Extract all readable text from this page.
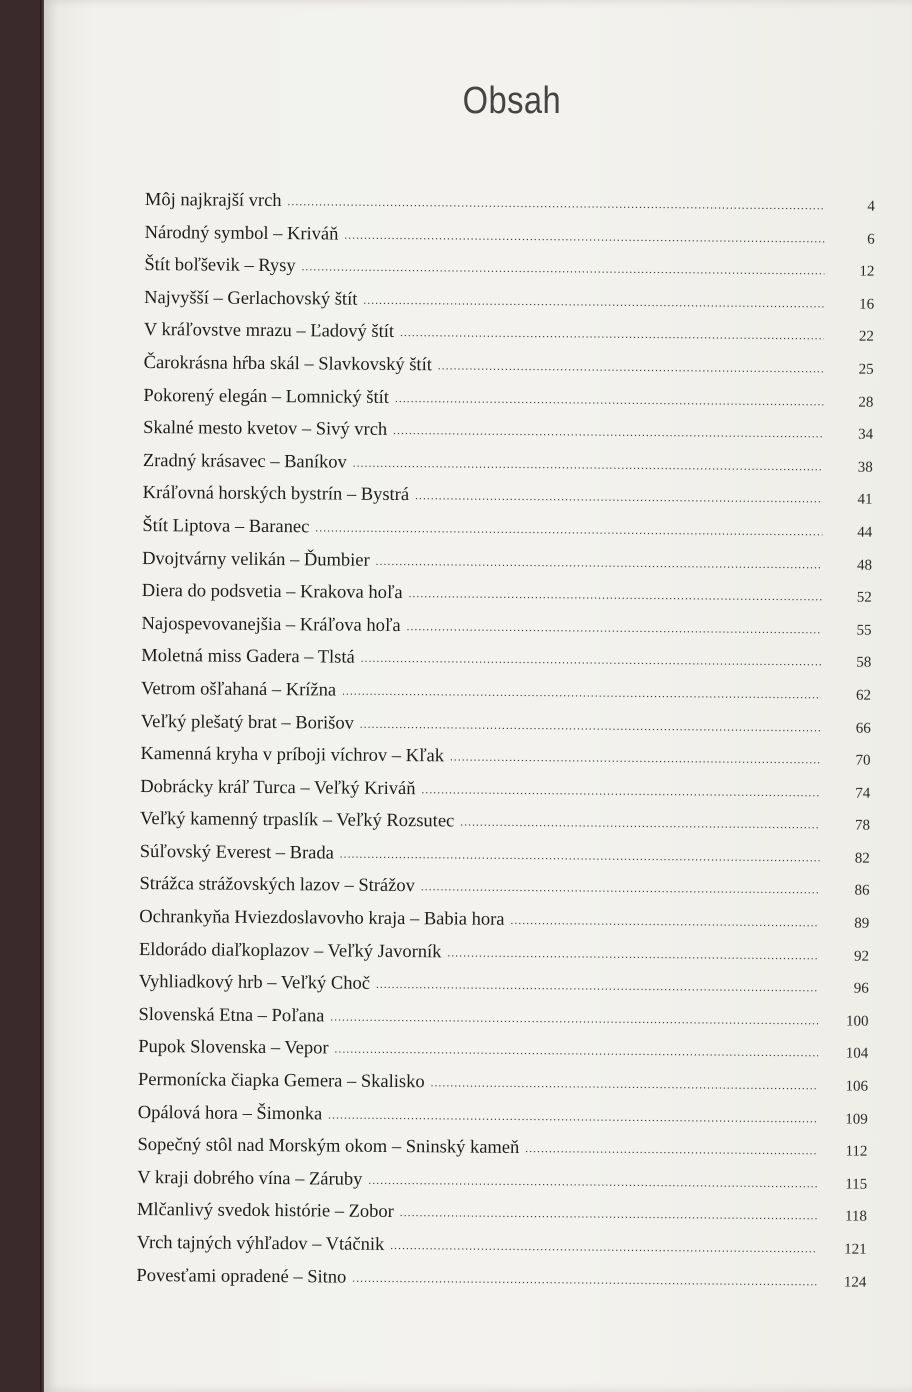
Obsah
Môj najkrajší vrch .....	4
Národný symbol – Kriváň .....	6
Štít boľševik – Rysy .....	12
Najvyšší – Gerlachovský štít .....	16
V kráľovstve mrazu – Ľadový štít .....	22
Čarokrásna hŕba skál – Slavkovský štít .....	25
Pokorený elegán – Lomnický štít .....	28
Skalné mesto kvetov – Sivý vrch .....	34
Zradný krásavec – Baníkov .....	38
Kráľovná horských bystrín – Bystrá .....	41
Štít Liptova – Baranec .....	44
Dvojtvárny velikán – Ďumbier .....	48
Diera do podsvetia – Krakova hoľa .....	52
Najospevovanejšia – Kráľova hoľa .....	55
Moletná miss Gadera – Tlstá .....	58
Vetrom ošľahaná – Krížna .....	62
Veľký plešatý brat – Borišov .....	66
Kamenná kryha v príboji víchrov – Kľak .....	70
Dobrácky kráľ Turca – Veľký Kriváň .....	74
Veľký kamenný trpaslík – Veľký Rozsutec .....	78
Súľovský Everest – Brada .....	82
Strážca strážovských lazov – Strážov .....	86
Ochrankyňa Hviezdoslavovho kraja – Babia hora .....	89
Eldorádo diaľkoplazov – Veľký Javorník .....	92
Vyhliadkový hrb – Veľký Choč .....	96
Slovenská Etna – Poľana .....	100
Pupok Slovenska – Vepor .....	104
Permonícka čiapka Gemera – Skalisko .....	106
Opálová hora – Šimonka .....	109
Sopečný stôl nad Morským okom – Sninský kameň .....	112
V kraji dobrého vína – Záruby .....	115
Mlčanlivý svedok histórie – Zobor .....	118
Vrch tajných výhľadov – Vtáčnik .....	121
Povesťami opradené – Sitno .....	124
